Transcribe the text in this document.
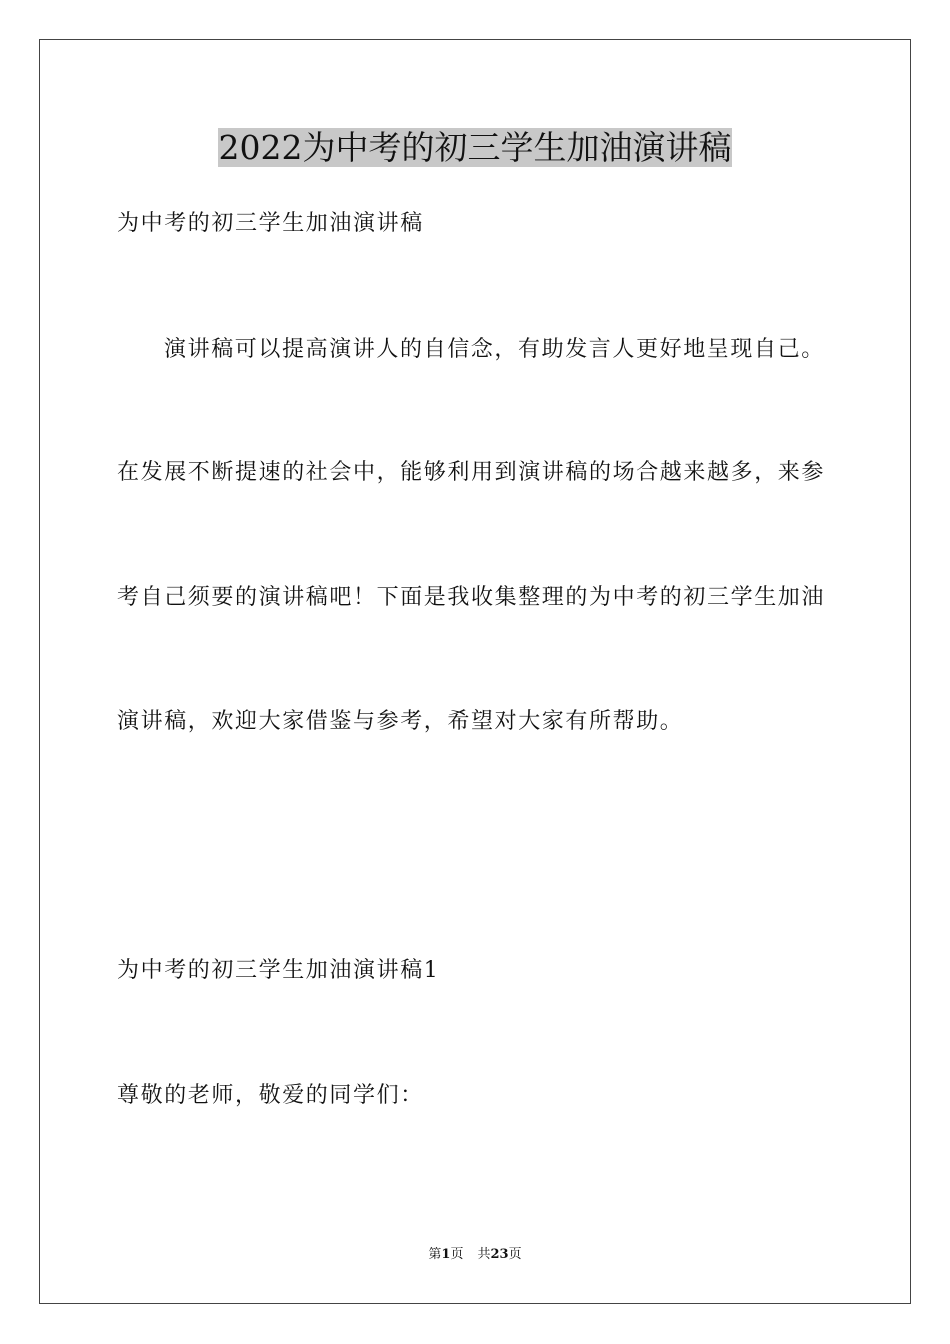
2022为中考的初三学生加油演讲稿
为中考的初三学生加油演讲稿
演讲稿可以提高演讲人的自信念，有助发言人更好地呈现自己。
在发展不断提速的社会中，能够利用到演讲稿的场合越来越多，来参
考自己须要的演讲稿吧！下面是我收集整理的为中考的初三学生加油
演讲稿，欢迎大家借鉴与参考，希望对大家有所帮助。
为中考的初三学生加油演讲稿1
尊敬的老师，敬爱的同学们：
第1页 共23页
